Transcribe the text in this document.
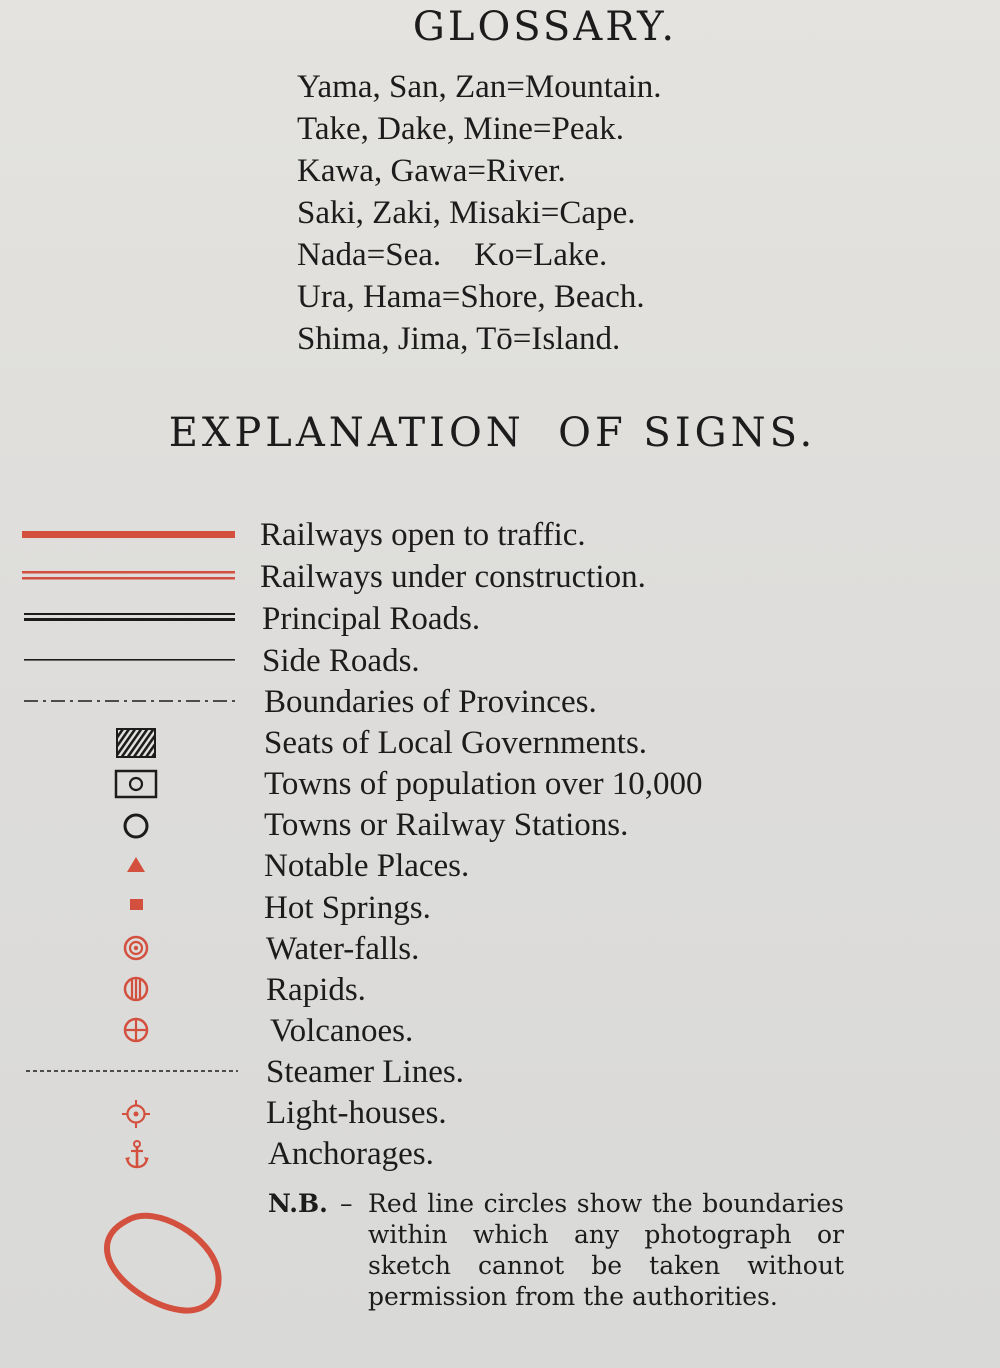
GLOSSARY.
Yama, San, Zan=Mountain.
Take, Dake, Mine=Peak.
Kawa, Gawa=River.
Saki, Zaki, Misaki=Cape.
Nada=Sea.    Ko=Lake.
Ura, Hama=Shore, Beach.
Shima, Jima, Tō=Island.
EXPLANATION  OF SIGNS.
Railways open to traffic.
Railways under construction.
Principal Roads.
Side Roads.
Boundaries of Provinces.
Seats of Local Governments.
Towns of population over 10,000
Towns or Railway Stations.
Notable Places.
Hot Springs.
Water-falls.
Rapids.
Volcanoes.
Steamer Lines.
Light-houses.
Anchorages.
N.B. – Red line circles show the boundaries within which any photograph or sketch cannot be taken without permission from the authorities.
